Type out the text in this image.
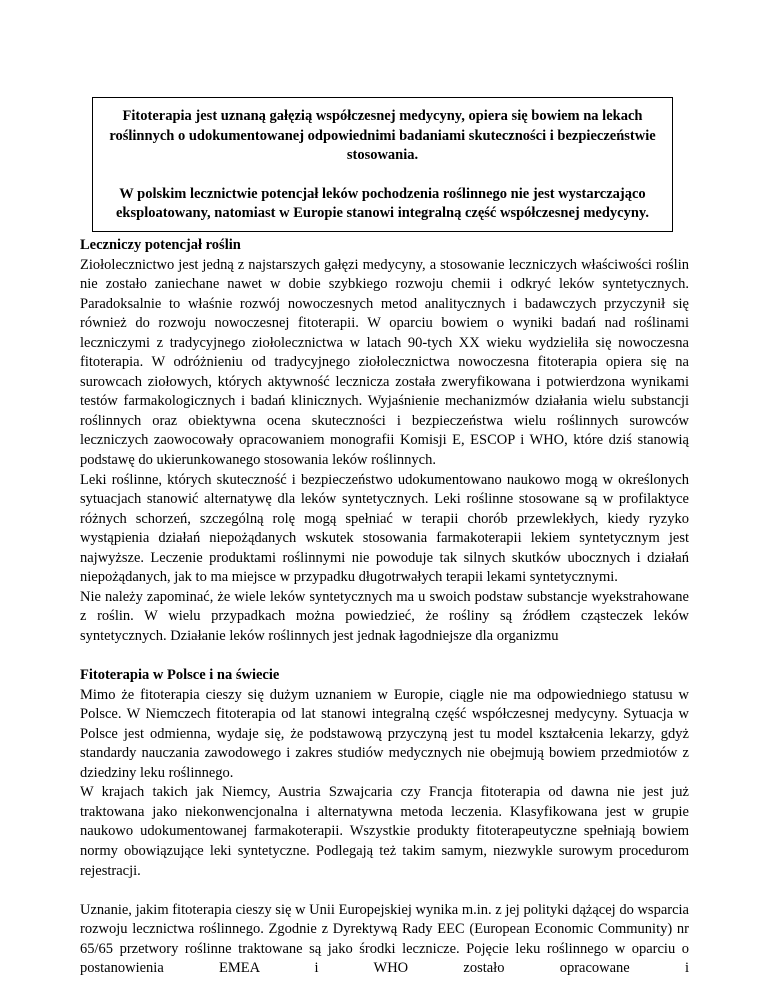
Fitoterapia jest uznaną gałęzią współczesnej medycyny, opiera się bowiem na lekach roślinnych o udokumentowanej odpowiednimi badaniami skuteczności i bezpieczeństwie stosowania.

W polskim lecznictwie potencjał leków pochodzenia roślinnego nie jest wystarczająco eksploatowany, natomiast w Europie stanowi integralną część współczesnej medycyny.

Leczniczy potencjał roślin

Ziołolecznictwo jest jedną z najstarszych gałęzi medycyny, a stosowanie leczniczych właściwości roślin nie zostało zaniechane nawet w dobie szybkiego rozwoju chemii i odkryć leków syntetycznych. Paradoksalnie to właśnie rozwój nowoczesnych metod analitycznych i badawczych przyczynił się również do rozwoju nowoczesnej fitoterapii. W oparciu bowiem o wyniki badań nad roślinami leczniczymi z tradycyjnego ziołolecznictwa w latach 90-tych XX wieku wydzieliła się nowoczesna fitoterapia. W odróżnieniu od tradycyjnego ziołolecznictwa nowoczesna fitoterapia opiera się na surowcach ziołowych, których aktywność lecznicza została zweryfikowana i potwierdzona wynikami testów farmakologicznych i badań klinicznych. Wyjaśnienie mechanizmów działania wielu substancji roślinnych oraz obiektywna ocena skuteczności i bezpieczeństwa wielu roślinnych surowców leczniczych zaowocowały opracowaniem monografii Komisji E, ESCOP i WHO, które dziś stanowią podstawę do ukierunkowanego stosowania leków roślinnych.

Leki roślinne, których skuteczność i bezpieczeństwo udokumentowano naukowo mogą w określonych sytuacjach stanowić alternatywę dla leków syntetycznych. Leki roślinne stosowane są w profilaktyce różnych schorzeń, szczególną rolę mogą spełniać w terapii chorób przewlekłych, kiedy ryzyko wystąpienia działań niepożądanych wskutek stosowania farmakoterapii lekiem syntetycznym jest najwyższe. Leczenie produktami roślinnymi nie powoduje tak silnych skutków ubocznych i działań niepożądanych, jak to ma miejsce w przypadku długotrwałych terapii lekami syntetycznymi.

Nie należy zapominać, że wiele leków syntetycznych ma u swoich podstaw substancje wyekstrahowane z roślin. W wielu przypadkach można powiedzieć, że rośliny są źródłem cząsteczek leków syntetycznych. Działanie leków roślinnych jest jednak łagodniejsze dla organizmu

Fitoterapia w Polsce i na świecie

Mimo że fitoterapia cieszy się dużym uznaniem w Europie, ciągle nie ma odpowiedniego statusu w Polsce. W Niemczech fitoterapia od lat stanowi integralną część współczesnej medycyny. Sytuacja w Polsce jest odmienna, wydaje się, że podstawową przyczyną jest tu model kształcenia lekarzy, gdyż standardy nauczania zawodowego i zakres studiów medycznych nie obejmują bowiem przedmiotów z dziedziny leku roślinnego.

W krajach takich jak Niemcy, Austria Szwajcaria czy Francja fitoterapia od dawna nie jest już traktowana jako niekonwencjonalna i alternatywna metoda leczenia. Klasyfikowana jest w grupie naukowo udokumentowanej farmakoterapii. Wszystkie produkty fitoterapeutyczne spełniają bowiem normy obowiązujące leki syntetyczne. Podlegają też takim samym, niezwykle surowym procedurom rejestracji.

Uznanie, jakim fitoterapia cieszy się w Unii Europejskiej wynika m.in. z jej polityki dążącej do wsparcia rozwoju lecznictwa roślinnego. Zgodnie z Dyrektywą Rady EEC (European Economic Community) nr 65/65 przetwory roślinne traktowane są jako środki lecznicze. Pojęcie leku roślinnego w oparciu o postanowienia EMEA i WHO zostało opracowane i
